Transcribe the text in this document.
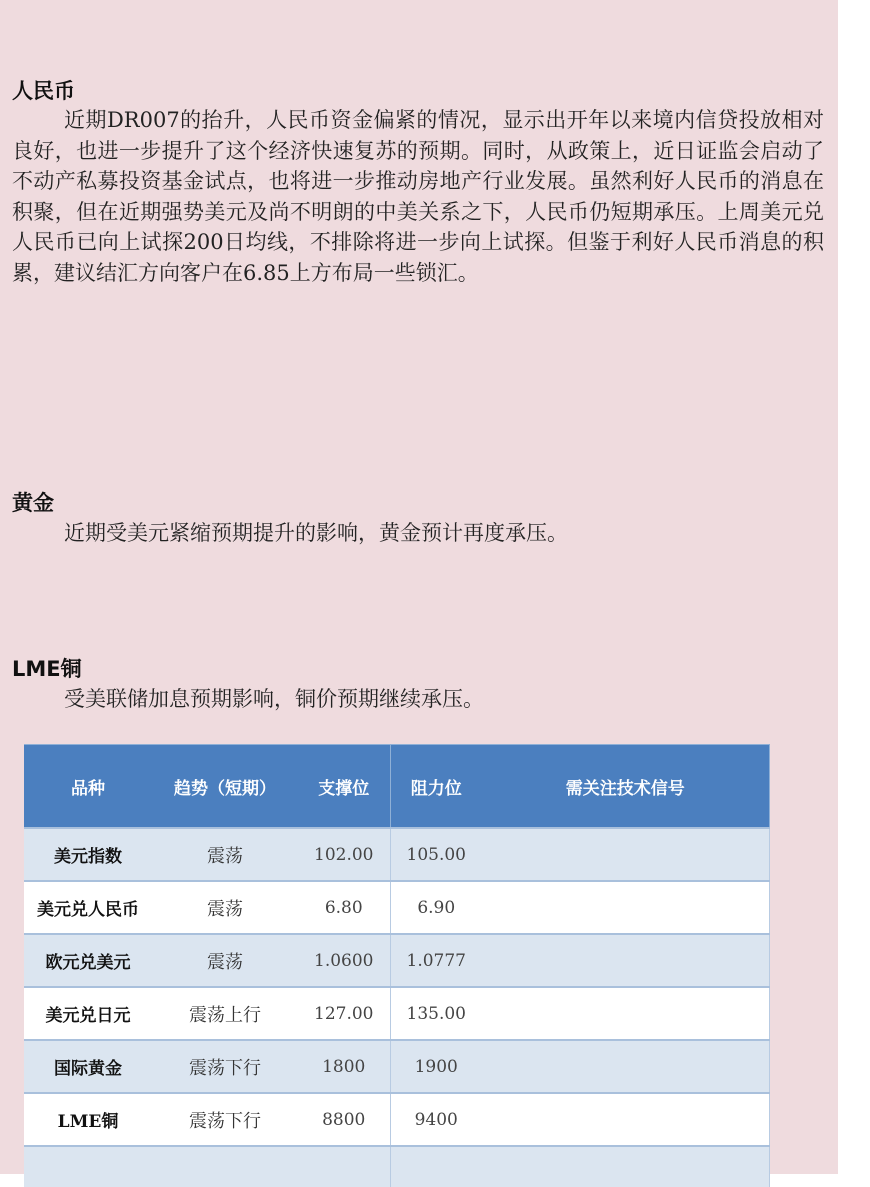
人民币

近期DR007的抬升，人民币资金偏紧的情况，显示出开年以来境内信贷投放相对良好，也进一步提升了这个经济快速复苏的预期。同时，从政策上，近日证监会启动了不动产私募投资基金试点，也将进一步推动房地产行业发展。虽然利好人民币的消息在积聚，但在近期强势美元及尚不明朗的中美关系之下，人民币仍短期承压。上周美元兑人民币已向上试探200日均线，不排除将进一步向上试探。但鉴于利好人民币消息的积累，建议结汇方向客户在6.85上方布局一些锁汇。

黄金

近期受美元紧缩预期提升的影响，黄金预计再度承压。

LME铜

受美联储加息预期影响，铜价预期继续承压。

品种	趋势（短期）	支撑位	阻力位	需关注技术信号
美元指数	震荡	102.00	105.00	
美元兑人民币	震荡	6.80	6.90	
欧元兑美元	震荡	1.0600	1.0777	
美元兑日元	震荡上行	127.00	135.00	
国际黄金	震荡下行	1800	1900	
LME铜	震荡下行	8800	9400	
